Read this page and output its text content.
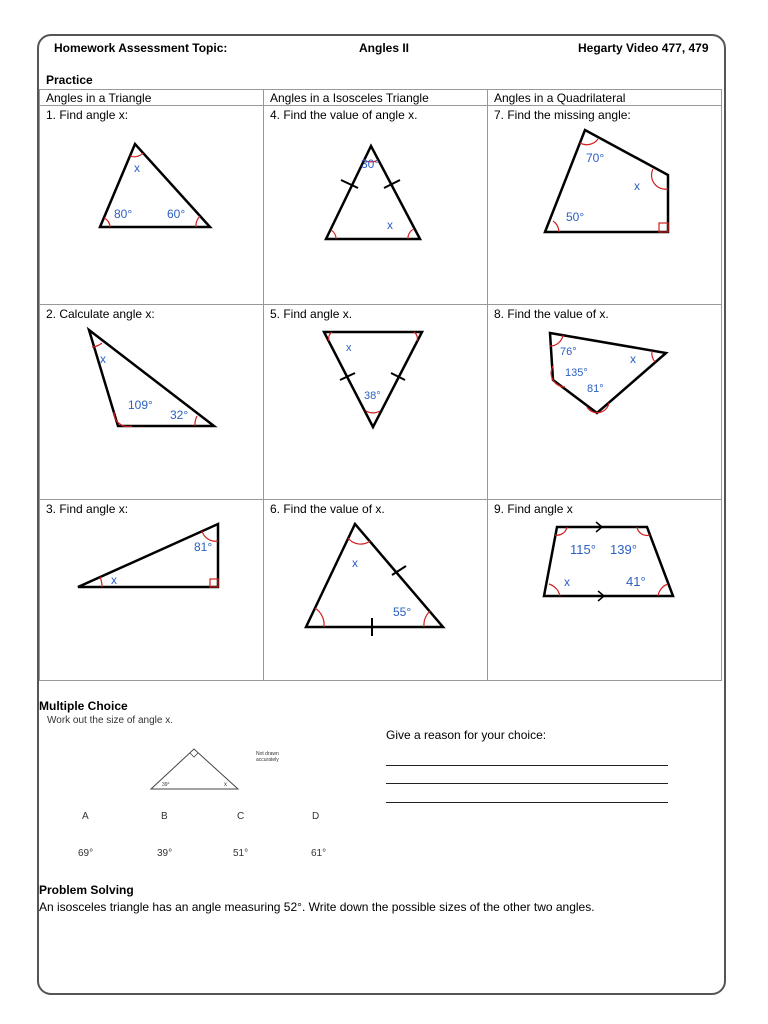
Homework Assessment Topic:	Angles II	Hegarty Video 477, 479
Practice
Angles in a Triangle	Angles in a Isosceles Triangle	Angles in a Quadrilateral
1. Find angle x:	4. Find the value of angle x.	7. Find the missing angle:
2. Calculate angle x:	5. Find angle x.	8. Find the value of x.
3. Find angle x:	6. Find the value of x.	9. Find angle x
x
80°	60°
30°
x
70°
x
50°
x
109°
32°
x
38°
76°
135°
81°
x
81°
x
x
55°
115° 139°
x	41°
Multiple Choice
Work out the size of angle x.
39°	x
Not drawn accurately
A	B	C	D
69°	39°	51°	61°
Give a reason for your choice:
Problem Solving
An isosceles triangle has an angle measuring 52°. Write down the possible sizes of the other two angles.
